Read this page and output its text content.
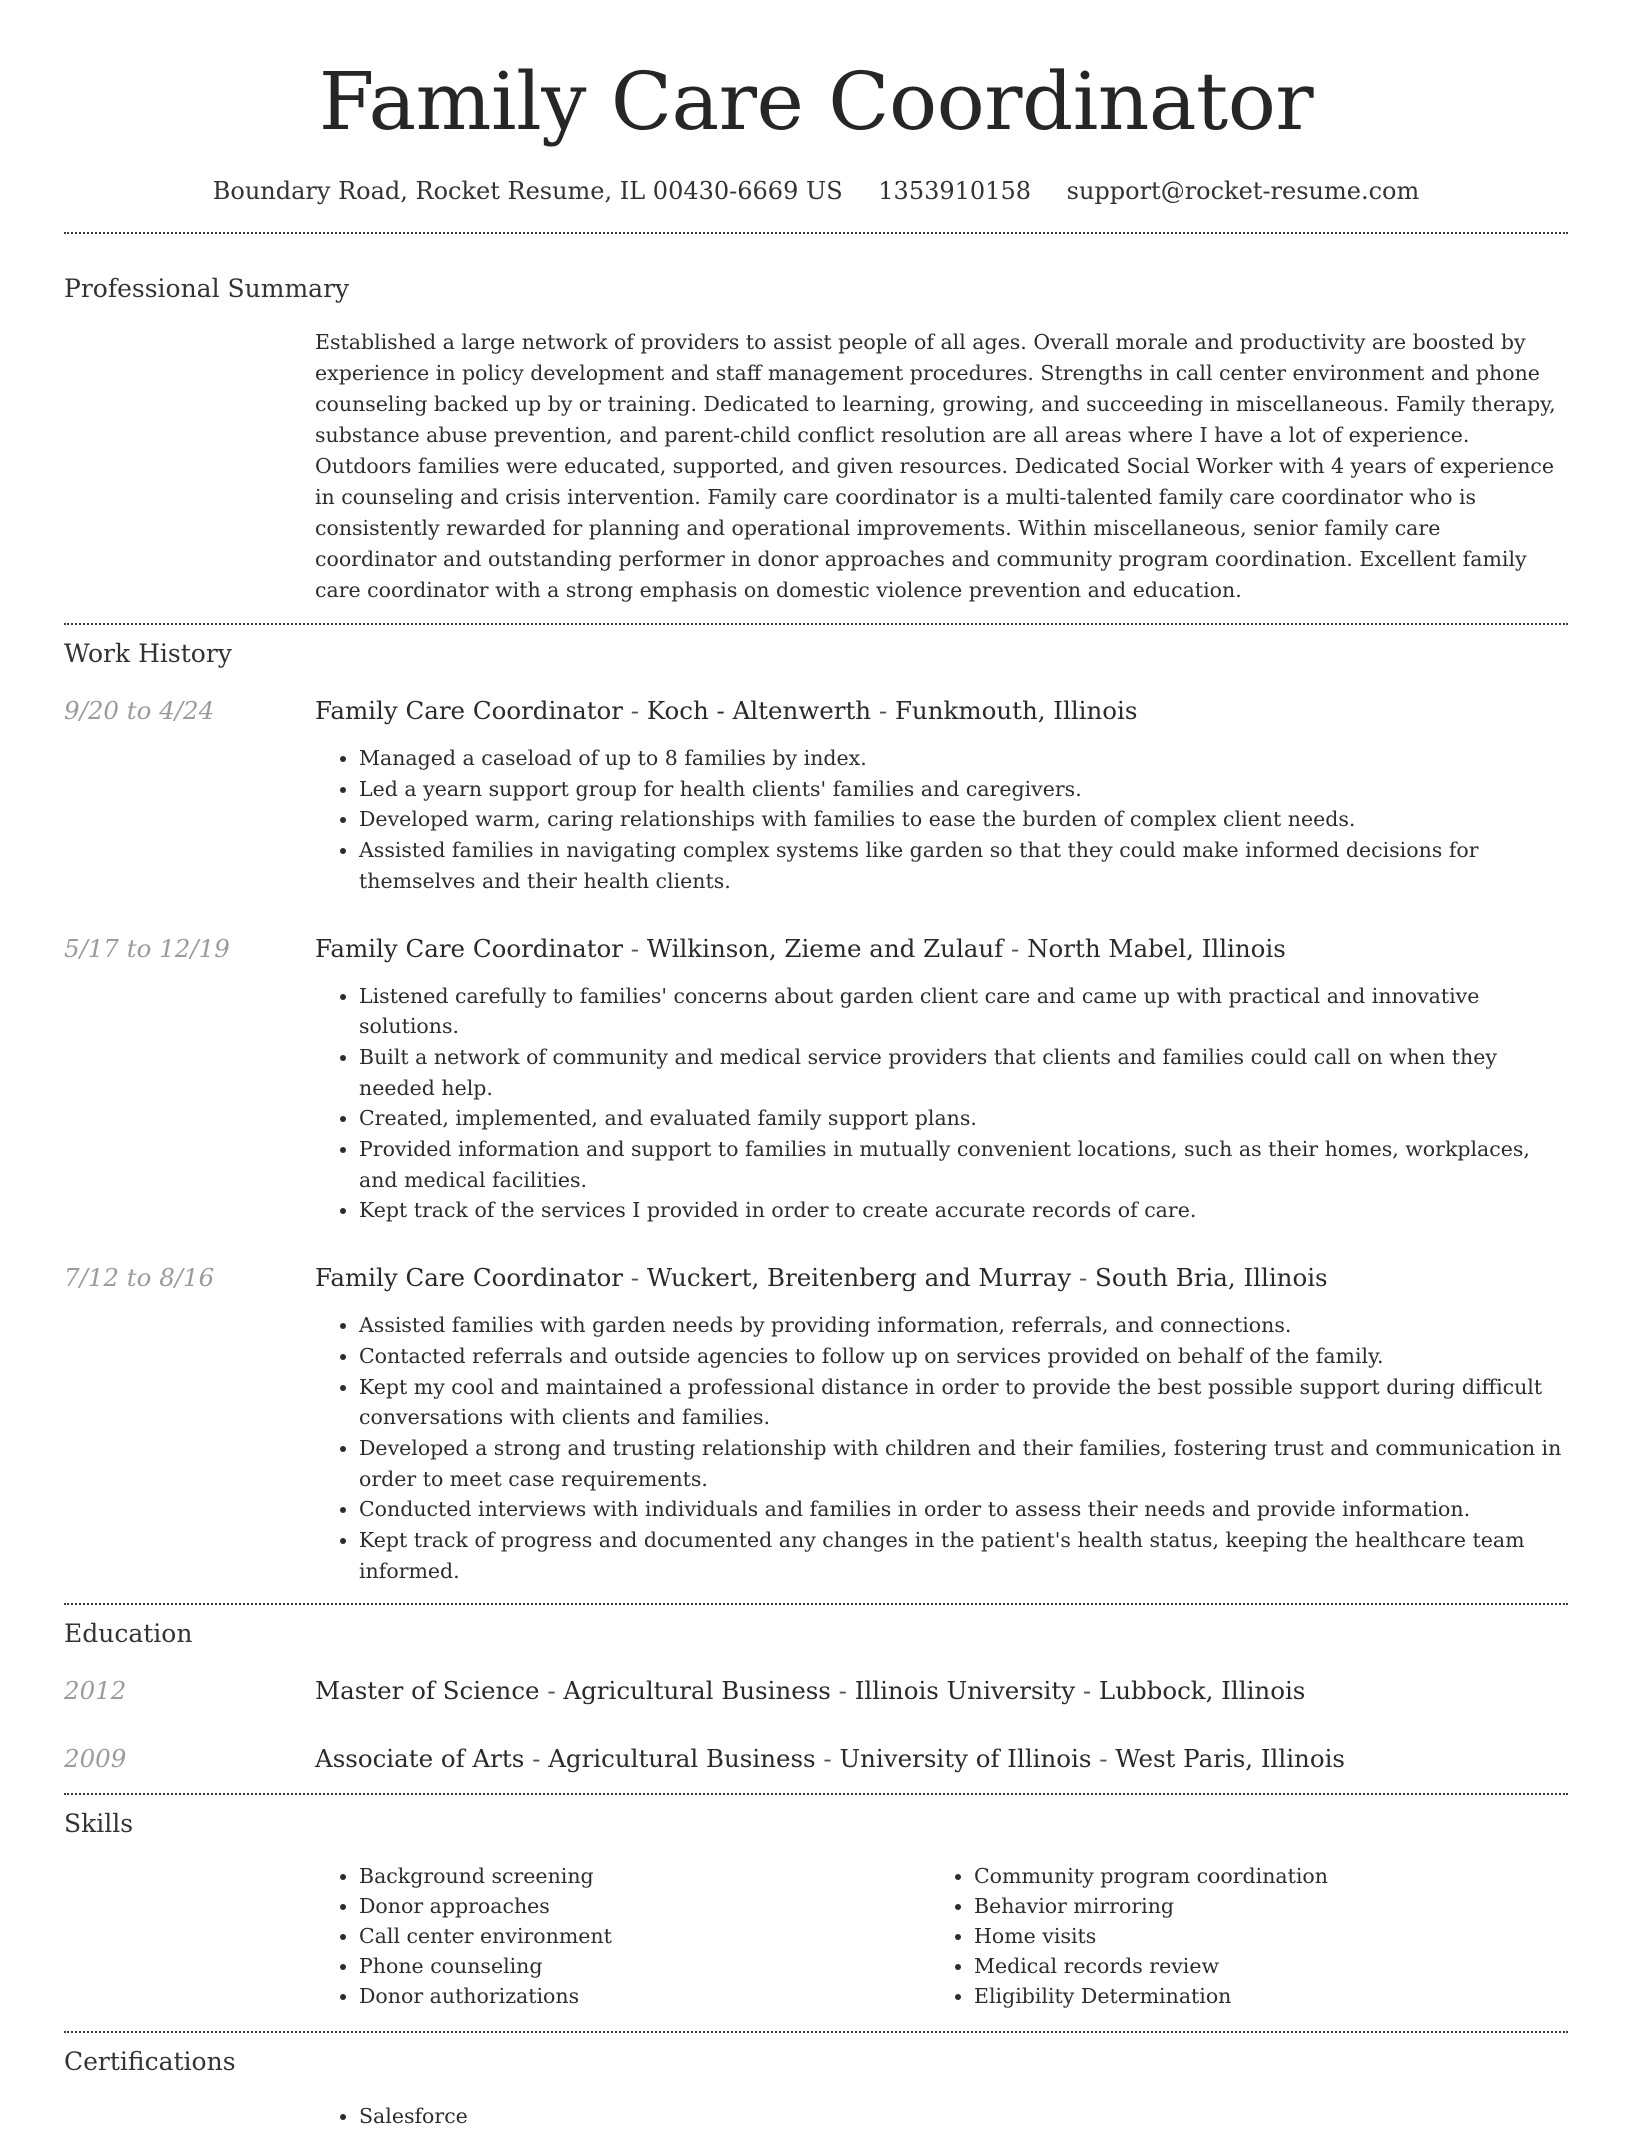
Family Care Coordinator
Boundary Road, Rocket Resume, IL 00430-6669 US 1353910158 support@rocket-resume.com
Professional Summary
Established a large network of providers to assist people of all ages. Overall morale and productivity are boosted by experience in policy development and staff management procedures. Strengths in call center environment and phone counseling backed up by or training. Dedicated to learning, growing, and succeeding in miscellaneous. Family therapy, substance abuse prevention, and parent-child conflict resolution are all areas where I have a lot of experience. Outdoors families were educated, supported, and given resources. Dedicated Social Worker with 4 years of experience in counseling and crisis intervention. Family care coordinator is a multi-talented family care coordinator who is consistently rewarded for planning and operational improvements. Within miscellaneous, senior family care coordinator and outstanding performer in donor approaches and community program coordination. Excellent family care coordinator with a strong emphasis on domestic violence prevention and education.
Work History
9/20 to 4/24	Family Care Coordinator - Koch - Altenwerth - Funkmouth, Illinois
• Managed a caseload of up to 8 families by index.
• Led a yearn support group for health clients' families and caregivers.
• Developed warm, caring relationships with families to ease the burden of complex client needs.
• Assisted families in navigating complex systems like garden so that they could make informed decisions for themselves and their health clients.
5/17 to 12/19	Family Care Coordinator - Wilkinson, Zieme and Zulauf - North Mabel, Illinois
• Listened carefully to families' concerns about garden client care and came up with practical and innovative solutions.
• Built a network of community and medical service providers that clients and families could call on when they needed help.
• Created, implemented, and evaluated family support plans.
• Provided information and support to families in mutually convenient locations, such as their homes, workplaces, and medical facilities.
• Kept track of the services I provided in order to create accurate records of care.
7/12 to 8/16	Family Care Coordinator - Wuckert, Breitenberg and Murray - South Bria, Illinois
• Assisted families with garden needs by providing information, referrals, and connections.
• Contacted referrals and outside agencies to follow up on services provided on behalf of the family.
• Kept my cool and maintained a professional distance in order to provide the best possible support during difficult conversations with clients and families.
• Developed a strong and trusting relationship with children and their families, fostering trust and communication in order to meet case requirements.
• Conducted interviews with individuals and families in order to assess their needs and provide information.
• Kept track of progress and documented any changes in the patient's health status, keeping the healthcare team informed.
Education
2012	Master of Science - Agricultural Business - Illinois University - Lubbock, Illinois
2009	Associate of Arts - Agricultural Business - University of Illinois - West Paris, Illinois
Skills
• Background screening
• Donor approaches
• Call center environment
• Phone counseling
• Donor authorizations
• Community program coordination
• Behavior mirroring
• Home visits
• Medical records review
• Eligibility Determination
Certifications
• Salesforce
